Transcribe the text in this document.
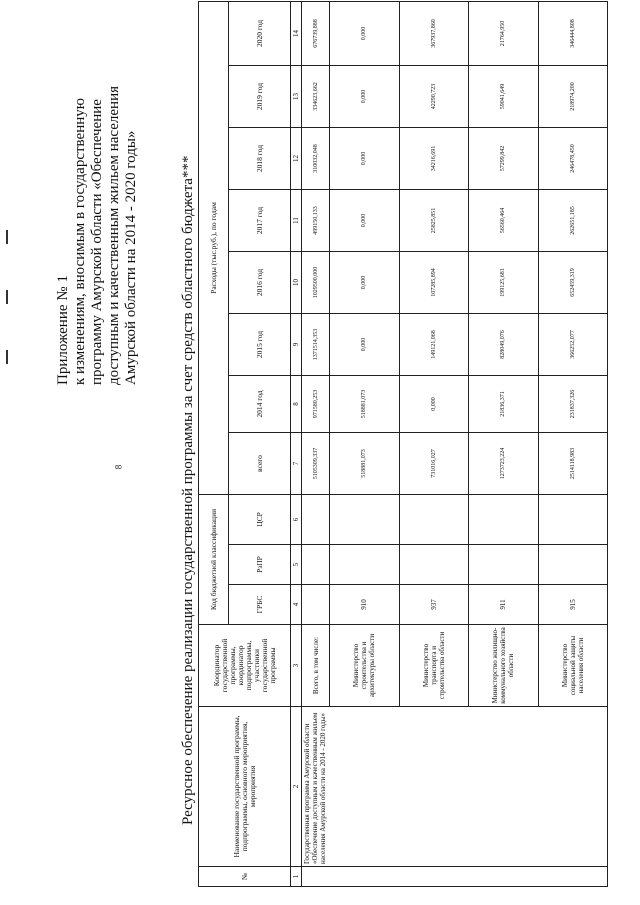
8
Приложение № 1 к изменениям, вносимым в государственную программу Амурской области «Обеспечение доступным и качественным жильем населения Амурской области на 2014 - 2020 годы»	Ресурсное обеспечение реализации государственной программы за счет средств областного бюджета***
№	Наименование государственной программы, подпрограммы, основного мероприятия, мероприятия	Координатор государственной программы, координатор подпрограммы, участники государственной программы	Код бюджетной классификации			Расходы (тыс.руб.), по годам							
			ГРБС	РзПР	ЦСР	всего	2014 год	2015 год	2016 год	2017 год	2018 год	2019 год	2020 год
1	2	3	4	5	6	7	8	9	10	11	12	13	14
	Государственная программа Амурской области «Обеспечение доступным и качественным жильем населения Амурской области на 2014 - 2020 годы»	Всего, в том числе:				5105309,337	971580,253	1371514,353	1029500,000	499150,133	310032,048	334623,662	676739,888
		Министерство строительства и архитектуры области	910			518881,073	518881,073	0,000	0,000	0,000	0,000	0,000	0,000
		Министерство транспорта и строительства области	937			731016,027	0,000	149121,068	107285,894	25825,851	34216,691	42290,723	367937,860
		Министерство жилищно-коммунального хозяйства области	911			1273723,224	21836,371	828049,076	199125,681	56560,464	57299,842	59041,649	21764,950
		Министерство социальной защиты населения области	915			2514118,983	231837,326	366252,077	652459,319	262651,185	246478,450	218974,200	346444,808
